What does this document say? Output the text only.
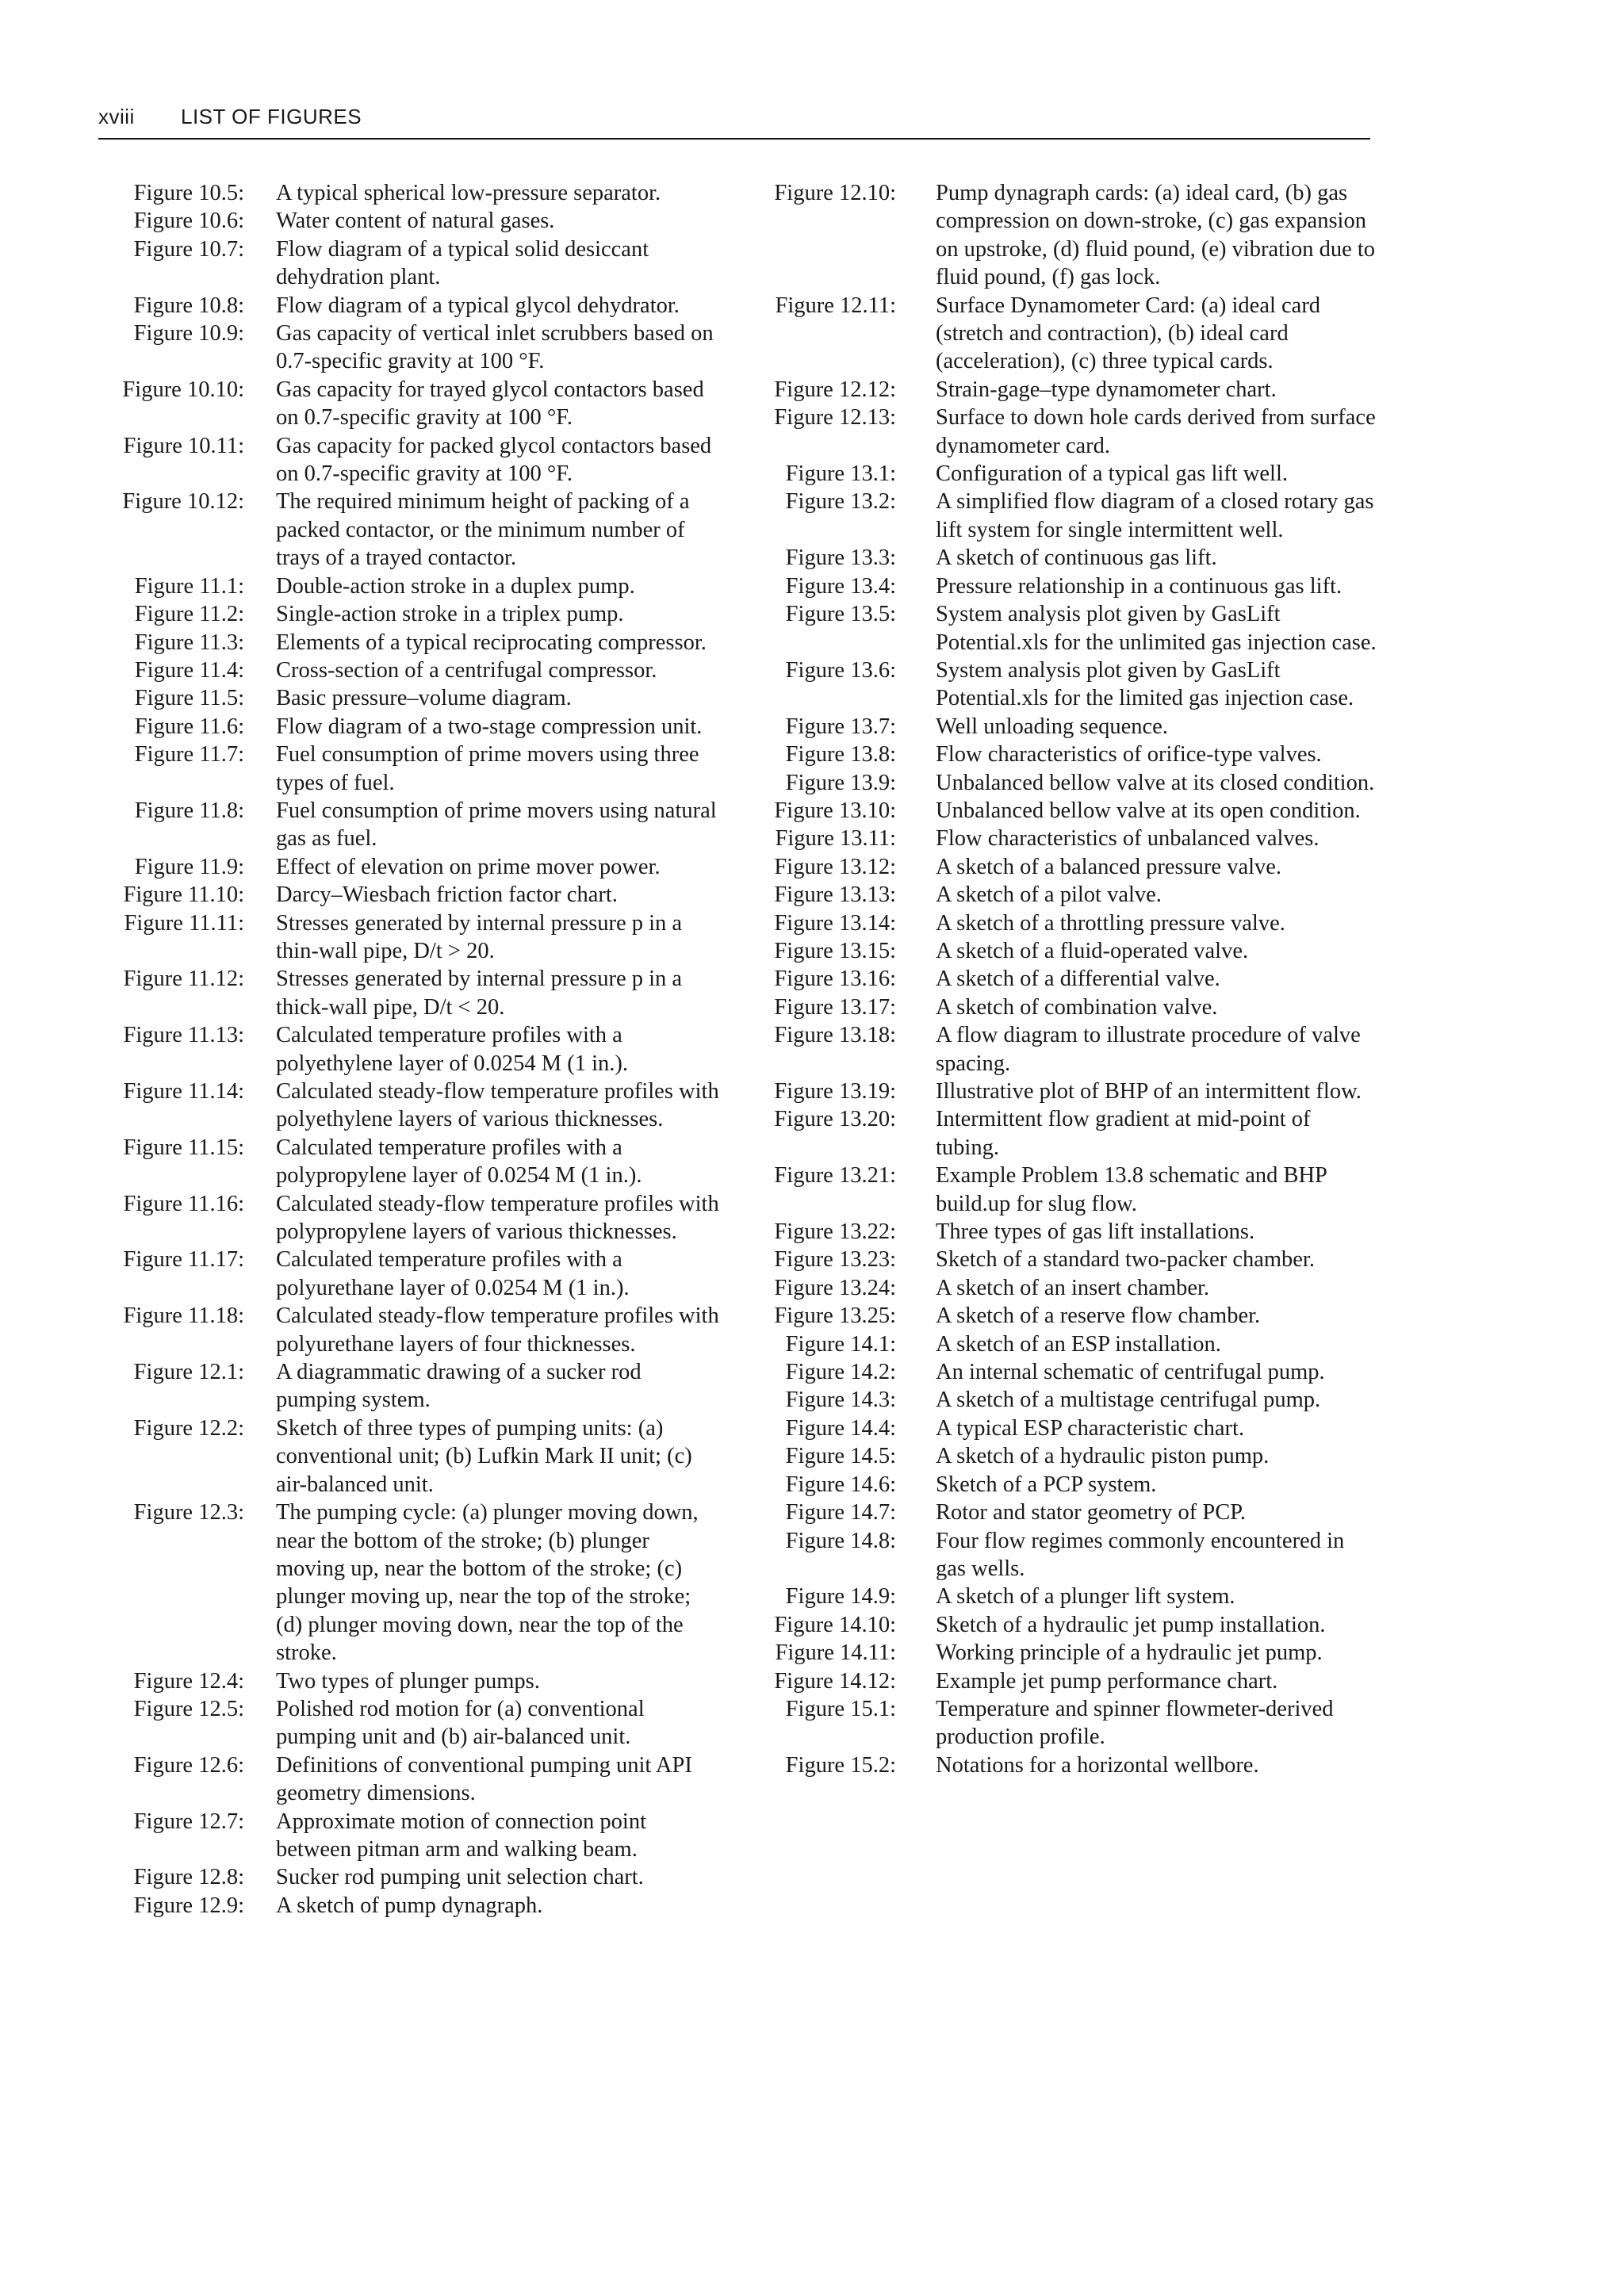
xviii LIST OF FIGURES
Figure 10.5: A typical spherical low-pressure separator.
Figure 10.6: Water content of natural gases.
Figure 10.7: Flow diagram of a typical solid desiccant dehydration plant.
Figure 10.8: Flow diagram of a typical glycol dehydrator.
Figure 10.9: Gas capacity of vertical inlet scrubbers based on 0.7-specific gravity at 100 °F.
Figure 10.10: Gas capacity for trayed glycol contactors based on 0.7-specific gravity at 100 °F.
Figure 10.11: Gas capacity for packed glycol contactors based on 0.7-specific gravity at 100 °F.
Figure 10.12: The required minimum height of packing of a packed contactor, or the minimum number of trays of a trayed contactor.
Figure 11.1: Double-action stroke in a duplex pump.
Figure 11.2: Single-action stroke in a triplex pump.
Figure 11.3: Elements of a typical reciprocating compressor.
Figure 11.4: Cross-section of a centrifugal compressor.
Figure 11.5: Basic pressure–volume diagram.
Figure 11.6: Flow diagram of a two-stage compression unit.
Figure 11.7: Fuel consumption of prime movers using three types of fuel.
Figure 11.8: Fuel consumption of prime movers using natural gas as fuel.
Figure 11.9: Effect of elevation on prime mover power.
Figure 11.10: Darcy–Wiesbach friction factor chart.
Figure 11.11: Stresses generated by internal pressure p in a thin-wall pipe, D/t > 20.
Figure 11.12: Stresses generated by internal pressure p in a thick-wall pipe, D/t < 20.
Figure 11.13: Calculated temperature profiles with a polyethylene layer of 0.0254 M (1 in.).
Figure 11.14: Calculated steady-flow temperature profiles with polyethylene layers of various thicknesses.
Figure 11.15: Calculated temperature profiles with a polypropylene layer of 0.0254 M (1 in.).
Figure 11.16: Calculated steady-flow temperature profiles with polypropylene layers of various thicknesses.
Figure 11.17: Calculated temperature profiles with a polyurethane layer of 0.0254 M (1 in.).
Figure 11.18: Calculated steady-flow temperature profiles with polyurethane layers of four thicknesses.
Figure 12.1: A diagrammatic drawing of a sucker rod pumping system.
Figure 12.2: Sketch of three types of pumping units: (a) conventional unit; (b) Lufkin Mark II unit; (c) air-balanced unit.
Figure 12.3: The pumping cycle: (a) plunger moving down, near the bottom of the stroke; (b) plunger moving up, near the bottom of the stroke; (c) plunger moving up, near the top of the stroke; (d) plunger moving down, near the top of the stroke.
Figure 12.4: Two types of plunger pumps.
Figure 12.5: Polished rod motion for (a) conventional pumping unit and (b) air-balanced unit.
Figure 12.6: Definitions of conventional pumping unit API geometry dimensions.
Figure 12.7: Approximate motion of connection point between pitman arm and walking beam.
Figure 12.8: Sucker rod pumping unit selection chart.
Figure 12.9: A sketch of pump dynagraph.
Figure 12.10: Pump dynagraph cards: (a) ideal card, (b) gas compression on down-stroke, (c) gas expansion on upstroke, (d) fluid pound, (e) vibration due to fluid pound, (f) gas lock.
Figure 12.11: Surface Dynamometer Card: (a) ideal card (stretch and contraction), (b) ideal card (acceleration), (c) three typical cards.
Figure 12.12: Strain-gage–type dynamometer chart.
Figure 12.13: Surface to down hole cards derived from surface dynamometer card.
Figure 13.1: Configuration of a typical gas lift well.
Figure 13.2: A simplified flow diagram of a closed rotary gas lift system for single intermittent well.
Figure 13.3: A sketch of continuous gas lift.
Figure 13.4: Pressure relationship in a continuous gas lift.
Figure 13.5: System analysis plot given by GasLift Potential.xls for the unlimited gas injection case.
Figure 13.6: System analysis plot given by GasLift Potential.xls for the limited gas injection case.
Figure 13.7: Well unloading sequence.
Figure 13.8: Flow characteristics of orifice-type valves.
Figure 13.9: Unbalanced bellow valve at its closed condition.
Figure 13.10: Unbalanced bellow valve at its open condition.
Figure 13.11: Flow characteristics of unbalanced valves.
Figure 13.12: A sketch of a balanced pressure valve.
Figure 13.13: A sketch of a pilot valve.
Figure 13.14: A sketch of a throttling pressure valve.
Figure 13.15: A sketch of a fluid-operated valve.
Figure 13.16: A sketch of a differential valve.
Figure 13.17: A sketch of combination valve.
Figure 13.18: A flow diagram to illustrate procedure of valve spacing.
Figure 13.19: Illustrative plot of BHP of an intermittent flow.
Figure 13.20: Intermittent flow gradient at mid-point of tubing.
Figure 13.21: Example Problem 13.8 schematic and BHP build.up for slug flow.
Figure 13.22: Three types of gas lift installations.
Figure 13.23: Sketch of a standard two-packer chamber.
Figure 13.24: A sketch of an insert chamber.
Figure 13.25: A sketch of a reserve flow chamber.
Figure 14.1: A sketch of an ESP installation.
Figure 14.2: An internal schematic of centrifugal pump.
Figure 14.3: A sketch of a multistage centrifugal pump.
Figure 14.4: A typical ESP characteristic chart.
Figure 14.5: A sketch of a hydraulic piston pump.
Figure 14.6: Sketch of a PCP system.
Figure 14.7: Rotor and stator geometry of PCP.
Figure 14.8: Four flow regimes commonly encountered in gas wells.
Figure 14.9: A sketch of a plunger lift system.
Figure 14.10: Sketch of a hydraulic jet pump installation.
Figure 14.11: Working principle of a hydraulic jet pump.
Figure 14.12: Example jet pump performance chart.
Figure 15.1: Temperature and spinner flowmeter-derived production profile.
Figure 15.2: Notations for a horizontal wellbore.
